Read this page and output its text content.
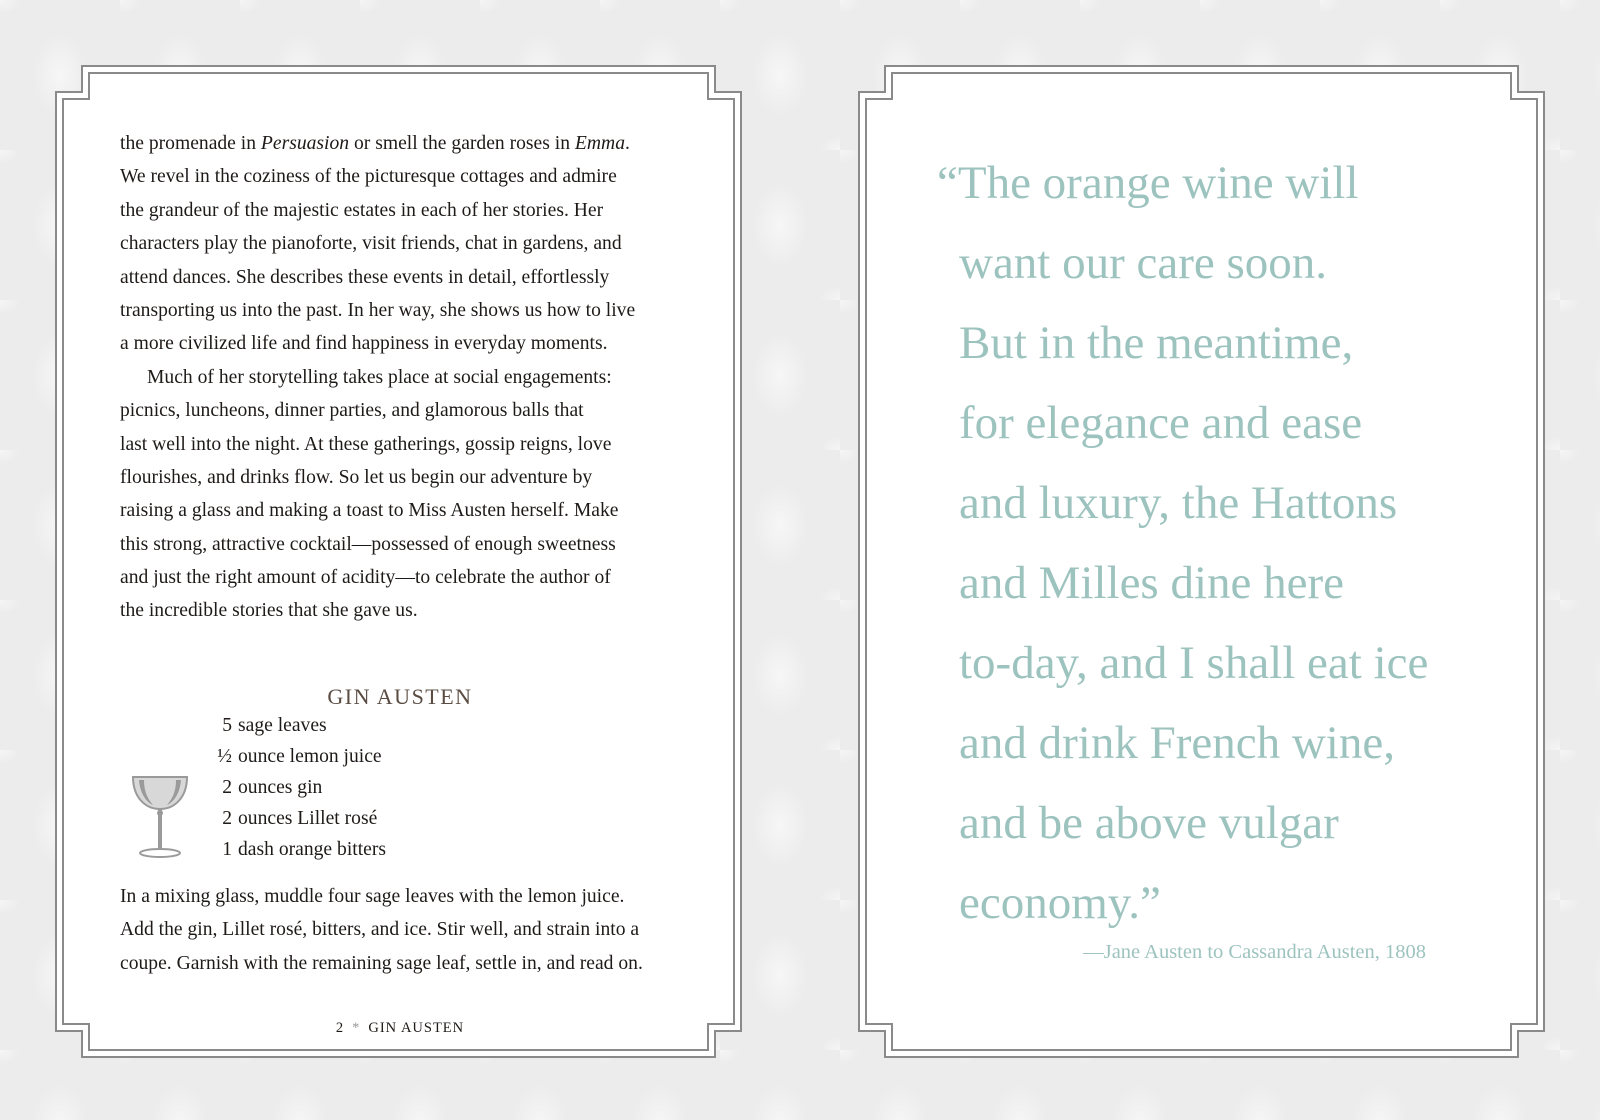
the promenade in Persuasion or smell the garden roses in Emma.
We revel in the coziness of the picturesque cottages and admire
the grandeur of the majestic estates in each of her stories. Her
characters play the pianoforte, visit friends, chat in gardens, and
attend dances. She describes these events in detail, effortlessly
transporting us into the past. In her way, she shows us how to live
a more civilized life and find happiness in everyday moments.
Much of her storytelling takes place at social engagements:
picnics, luncheons, dinner parties, and glamorous balls that
last well into the night. At these gatherings, gossip reigns, love
flourishes, and drinks flow. So let us begin our adventure by
raising a glass and making a toast to Miss Austen herself. Make
this strong, attractive cocktail—possessed of enough sweetness
and just the right amount of acidity—to celebrate the author of
the incredible stories that she gave us.
GIN AUSTEN
5 sage leaves
½ ounce lemon juice
2 ounces gin
2 ounces Lillet rosé
1 dash orange bitters
In a mixing glass, muddle four sage leaves with the lemon juice.
Add the gin, Lillet rosé, bitters, and ice. Stir well, and strain into a
coupe. Garnish with the remaining sage leaf, settle in, and read on.
2 * GIN AUSTEN
“The orange wine will
want our care soon.
But in the meantime,
for elegance and ease
and luxury, the Hattons
and Milles dine here
to-day, and I shall eat ice
and drink French wine,
and be above vulgar
economy.”
—Jane Austen to Cassandra Austen, 1808
